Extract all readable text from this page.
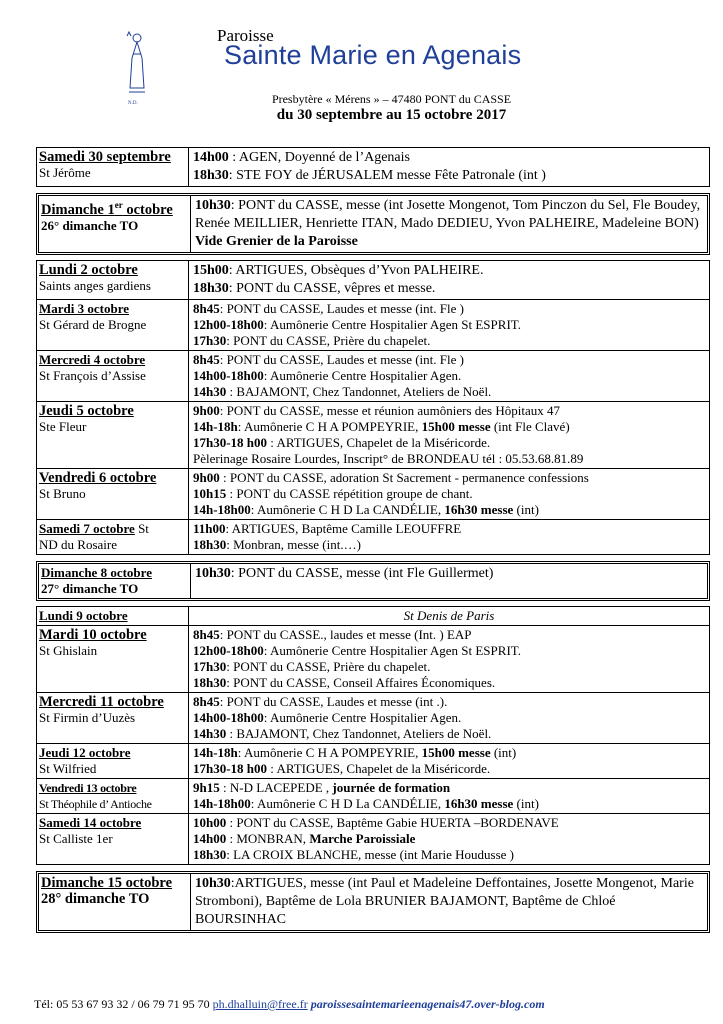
N.D.
Paroisse
Sainte Marie en Agenais
Presbytère « Mérens » – 47480 PONT du CASSE
du 30 septembre au 15 octobre 2017
Samedi 30 septembre
St Jérôme
14h00 : AGEN, Doyenné de l’Agenais
18h30: STE FOY de JÉRUSALEM messe Fête Patronale (int )
Dimanche 1er octobre
26° dimanche TO
10h30: PONT du CASSE, messe (int Josette Mongenot, Tom Pinczon du Sel, Fle Boudey, Renée MEILLIER, Henriette ITAN, Mado DEDIEU, Yvon PALHEIRE, Madeleine BON)
Vide Grenier de la Paroisse
Lundi 2 octobre
Saints anges gardiens
15h00: ARTIGUES, Obsèques d’Yvon PALHEIRE.
18h30: PONT du CASSE, vêpres et messe.
Mardi 3 octobre
St Gérard de Brogne
8h45: PONT du CASSE, Laudes et messe (int. Fle )
12h00-18h00: Aumônerie Centre Hospitalier Agen St ESPRIT.
17h30: PONT du CASSE, Prière du chapelet.
Mercredi 4 octobre
St François d’Assise
8h45: PONT du CASSE, Laudes et messe (int. Fle )
14h00-18h00: Aumônerie Centre Hospitalier Agen.
14h30 : BAJAMONT, Chez Tandonnet, Ateliers de Noël.
Jeudi 5 octobre
Ste Fleur
9h00: PONT du CASSE, messe et réunion aumôniers des Hôpitaux 47
14h-18h: Aumônerie C H A POMPEYRIE, 15h00 messe (int Fle Clavé)
17h30-18 h00 : ARTIGUES, Chapelet de la Miséricorde.
Pèlerinage Rosaire Lourdes, Inscript° de BRONDEAU tél : 05.53.68.81.89
Vendredi 6 octobre
St Bruno
9h00 : PONT du CASSE, adoration St Sacrement - permanence confessions
10h15 : PONT du CASSE répétition groupe de chant.
14h-18h00: Aumônerie C H D La CANDÉLIE, 16h30 messe (int)
Samedi 7 octobre St
ND du Rosaire
11h00: ARTIGUES, Baptême Camille LEOUFFRE
18h30: Monbran, messe (int.…)
Dimanche 8 octobre
27° dimanche TO
10h30: PONT du CASSE, messe (int Fle Guillermet)
Lundi 9 octobre	St Denis de Paris
Mardi 10 octobre
St Ghislain
8h45: PONT du CASSE., laudes et messe (Int. ) EAP
12h00-18h00: Aumônerie Centre Hospitalier Agen St ESPRIT.
17h30: PONT du CASSE, Prière du chapelet.
18h30: PONT du CASSE, Conseil Affaires Économiques.
Mercredi 11 octobre
St Firmin d’Uuzès
8h45: PONT du CASSE, Laudes et messe (int .).
14h00-18h00: Aumônerie Centre Hospitalier Agen.
14h30 : BAJAMONT, Chez Tandonnet, Ateliers de Noël.
Jeudi 12 octobre
St Wilfried
14h-18h: Aumônerie C H A POMPEYRIE, 15h00 messe (int)
17h30-18 h00 : ARTIGUES, Chapelet de la Miséricorde.
Vendredi 13 octobre
St Théophile d’ Antioche
9h15 : N-D LACEPEDE , journée de formation
14h-18h00: Aumônerie C H D La CANDÉLIE, 16h30 messe (int)
Samedi 14 octobre
St Calliste 1er
10h00 : PONT du CASSE, Baptême Gabie HUERTA –BORDENAVE
14h00 : MONBRAN, Marche Paroissiale
18h30: LA CROIX BLANCHE, messe (int Marie Houdusse )
Dimanche 15 octobre
28° dimanche TO
10h30:ARTIGUES, messe (int Paul et Madeleine Deffontaines, Josette Mongenot, Marie Stromboni), Baptême de Lola BRUNIER BAJAMONT, Baptême de Chloé BOURSINHAC
Tél: 05 53 67 93 32 / 06 79 71 95 70 ph.dhalluin@free.fr paroissesaintemarieenagenais47.over-blog.com
